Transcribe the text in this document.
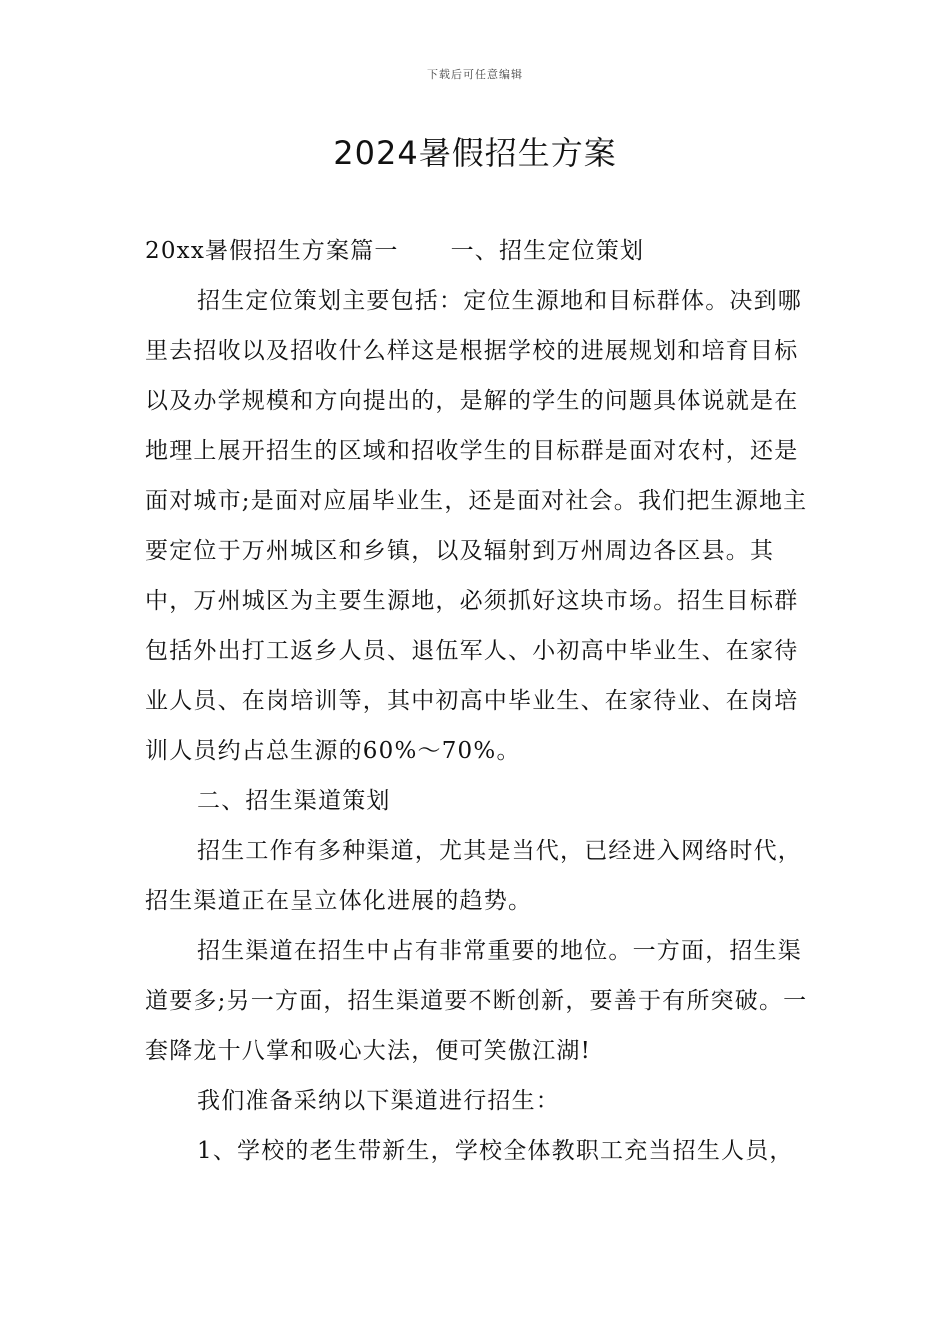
下载后可任意编辑
2024暑假招生方案

20xx暑假招生方案篇一 一、招生定位策划

招生定位策划主要包括：定位生源地和目标群体。决到哪里去招收以及招收什么样这是根据学校的进展规划和培育目标以及办学规模和方向提出的，是解的学生的问题具体说就是在地理上展开招生的区域和招收学生的目标群是面对农村，还是面对城市;是面对应届毕业生，还是面对社会。我们把生源地主要定位于万州城区和乡镇，以及辐射到万州周边各区县。其中，万州城区为主要生源地，必须抓好这块市场。招生目标群包括外出打工返乡人员、退伍军人、小初高中毕业生、在家待业人员、在岗培训等，其中初高中毕业生、在家待业、在岗培训人员约占总生源的60%～70%。

二、招生渠道策划

招生工作有多种渠道，尤其是当代，已经进入网络时代，招生渠道正在呈立体化进展的趋势。

招生渠道在招生中占有非常重要的地位。一方面，招生渠道要多;另一方面，招生渠道要不断创新，要善于有所突破。一套降龙十八掌和吸心大法，便可笑傲江湖!

我们准备采纳以下渠道进行招生：

1、学校的老生带新生，学校全体教职工充当招生人员，
